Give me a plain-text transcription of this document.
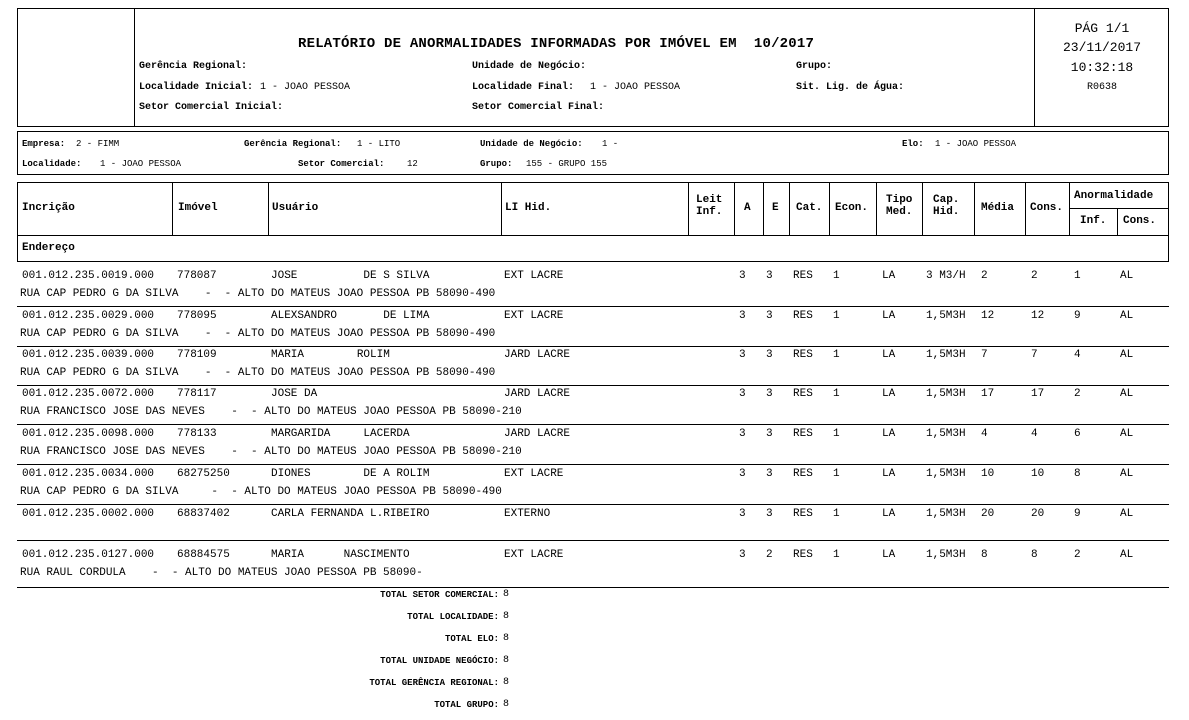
RELATÓRIO DE ANORMALIDADES INFORMADAS POR IMÓVEL EM 10/2017
PÁG 1/1
23/11/2017
10:32:18
R0638
Gerência Regional:
Localidade Inicial: 1 - JOAO PESSOA
Setor Comercial Inicial:
Unidade de Negócio:
Localidade Final: 1 - JOAO PESSOA
Setor Comercial Final:
Grupo:
Sit. Lig. de Água:
Empresa: 2 - FIMM	Gerência Regional: 1 - LITO	Unidade de Negócio: 1 -	Elo: 1 - JOAO PESSOA
Localidade: 1 - JOAO PESSOA	Setor Comercial:	12	Grupo: 155 - GRUPO 155
Incrição	Imóvel	Usuário	LI Hid.
Leit
Inf. A E Cat. Econ.
Tipo
Med.
Cap.
Hid. Média Cons.
Anormalidade
Inf. Cons.
Endereço
001.012.235.0019.000 778087	JOSE          DE S SILVA	EXT LACRE	3 3 RES 1	LA	3 M3/H 2	2	1	AL
RUA CAP PEDRO G DA SILVA    -  - ALTO DO MATEUS JOAO PESSOA PB 58090-490
001.012.235.0029.000 778095	ALEXSANDRO       DE LIMA	EXT LACRE	3 3 RES 1	LA	1,5M3H 12	12	9	AL
RUA CAP PEDRO G DA SILVA    -  - ALTO DO MATEUS JOAO PESSOA PB 58090-490
001.012.235.0039.000 778109	MARIA        ROLIM	JARD LACRE	3 3 RES 1	LA	1,5M3H 7	7	4	AL
RUA CAP PEDRO G DA SILVA    -  - ALTO DO MATEUS JOAO PESSOA PB 58090-490
001.012.235.0072.000 778117	JOSE DA	JARD LACRE	3 3 RES 1	LA	1,5M3H 17	17	2	AL
RUA FRANCISCO JOSE DAS NEVES    -  - ALTO DO MATEUS JOAO PESSOA PB 58090-210
001.012.235.0098.000 778133	MARGARIDA     LACERDA	JARD LACRE	3 3 RES 1	LA	1,5M3H 4	4	6	AL
RUA FRANCISCO JOSE DAS NEVES    -  - ALTO DO MATEUS JOAO PESSOA PB 58090-210
001.012.235.0034.000 68275250	DIONES        DE A ROLIM	EXT LACRE	3 3 RES 1	LA	1,5M3H 10	10	8	AL
RUA CAP PEDRO G DA SILVA     -  - ALTO DO MATEUS JOAO PESSOA PB 58090-490
001.012.235.0002.000 68837402	CARLA FERNANDA L.RIBEIRO	EXTERNO	3 3 RES 1	LA	1,5M3H 20	20	9	AL
001.012.235.0127.000 68884575	MARIA      NASCIMENTO	EXT LACRE	3 2 RES 1	LA	1,5M3H 8	8	2	AL
RUA RAUL CORDULA    -  - ALTO DO MATEUS JOAO PESSOA PB 58090-
TOTAL SETOR COMERCIAL: 8
TOTAL LOCALIDADE: 8
TOTAL ELO: 8
TOTAL UNIDADE NEGÓCIO: 8
TOTAL GERÊNCIA REGIONAL: 8
TOTAL GRUPO: 8
